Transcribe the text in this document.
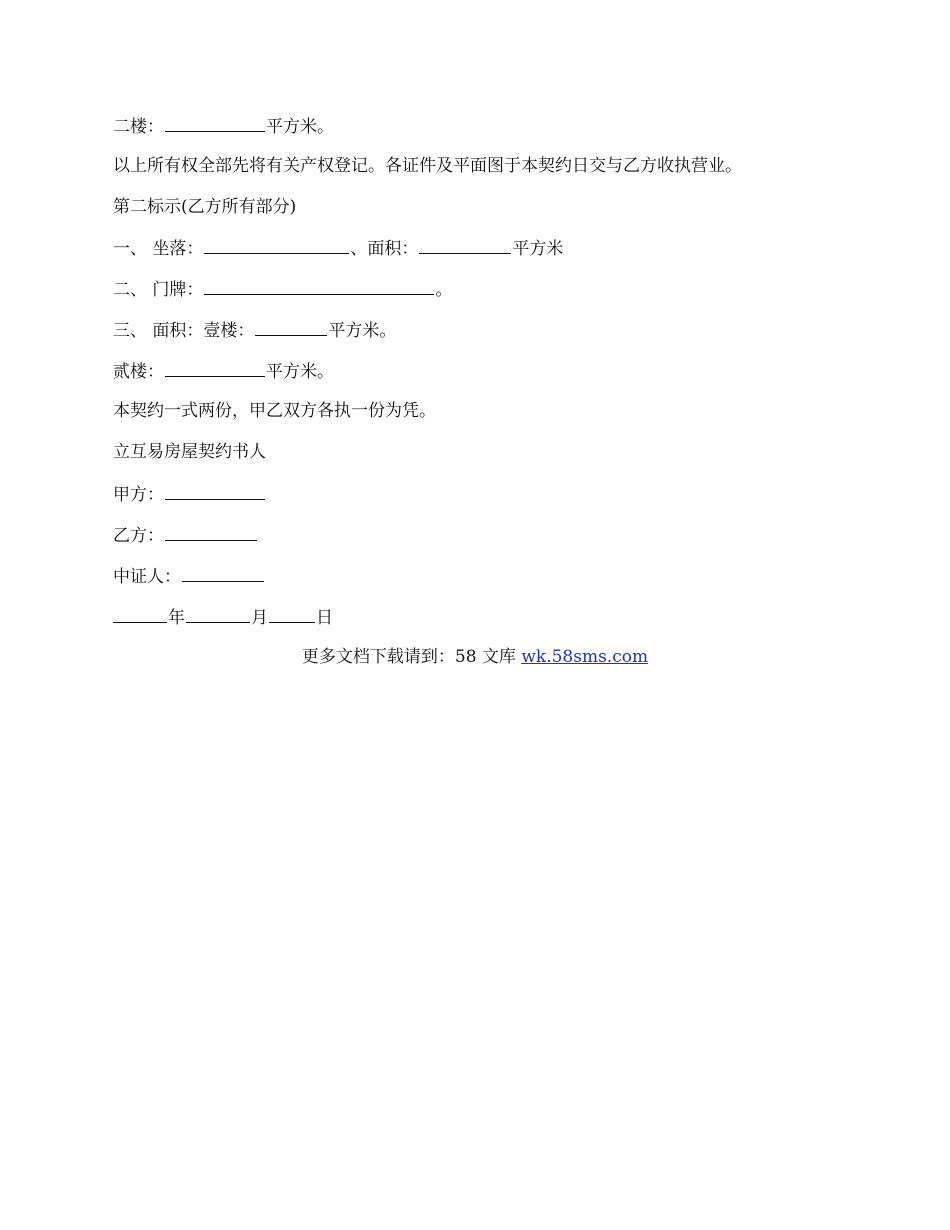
二楼：	平方米。
以上所有权全部先将有关产权登记。各证件及平面图于本契约日交与乙方收执营业。
第二标示(乙方所有部分)
一、 坐落：	、面积：	平方米
二、 门牌：	。
三、 面积：壹楼：	平方米。
贰楼：	平方米。
本契约一式两份，甲乙双方各执一份为凭。
立互易房屋契约书人
甲方：
乙方：
中证人：
年	月	日
更多文档下载请到：58 文库 wk.58sms.com
